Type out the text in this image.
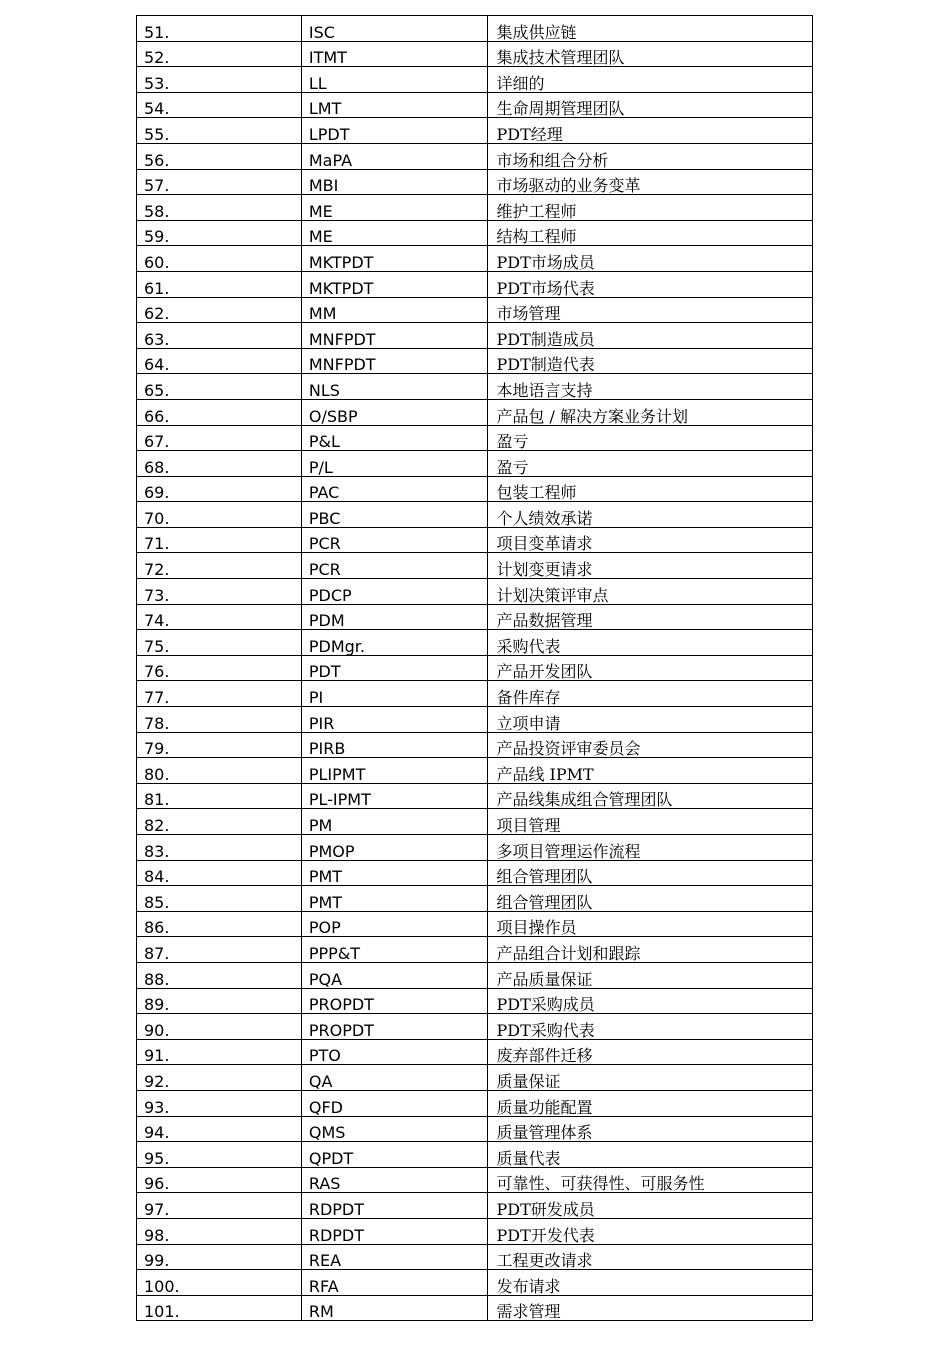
51.	ISC	集成供应链
52.	ITMT	集成技术管理团队
53.	LL	详细的
54.	LMT	生命周期管理团队
55.	LPDT	PDT经理
56.	MaPA	市场和组合分析
57.	MBI	市场驱动的业务变革
58.	ME	维护工程师
59.	ME	结构工程师
60.	MKTPDT	PDT市场成员
61.	MKTPDT	PDT市场代表
62.	MM	市场管理
63.	MNFPDT	PDT制造成员
64.	MNFPDT	PDT制造代表
65.	NLS	本地语言支持
66.	O/SBP	产品包 / 解决方案业务计划
67.	P&L	盈亏
68.	P/L	盈亏
69.	PAC	包装工程师
70.	PBC	个人绩效承诺
71.	PCR	项目变革请求
72.	PCR	计划变更请求
73.	PDCP	计划决策评审点
74.	PDM	产品数据管理
75.	PDMgr.	采购代表
76.	PDT	产品开发团队
77.	PI	备件库存
78.	PIR	立项申请
79.	PIRB	产品投资评审委员会
80.	PLIPMT	产品线 IPMT
81.	PL-IPMT	产品线集成组合管理团队
82.	PM	项目管理
83.	PMOP	多项目管理运作流程
84.	PMT	组合管理团队
85.	PMT	组合管理团队
86.	POP	项目操作员
87.	PPP&T	产品组合计划和跟踪
88.	PQA	产品质量保证
89.	PROPDT	PDT采购成员
90.	PROPDT	PDT采购代表
91.	PTO	废弃部件迁移
92.	QA	质量保证
93.	QFD	质量功能配置
94.	QMS	质量管理体系
95.	QPDT	质量代表
96.	RAS	可靠性、可获得性、可服务性
97.	RDPDT	PDT研发成员
98.	RDPDT	PDT开发代表
99.	REA	工程更改请求
100.	RFA	发布请求
101.	RM	需求管理
